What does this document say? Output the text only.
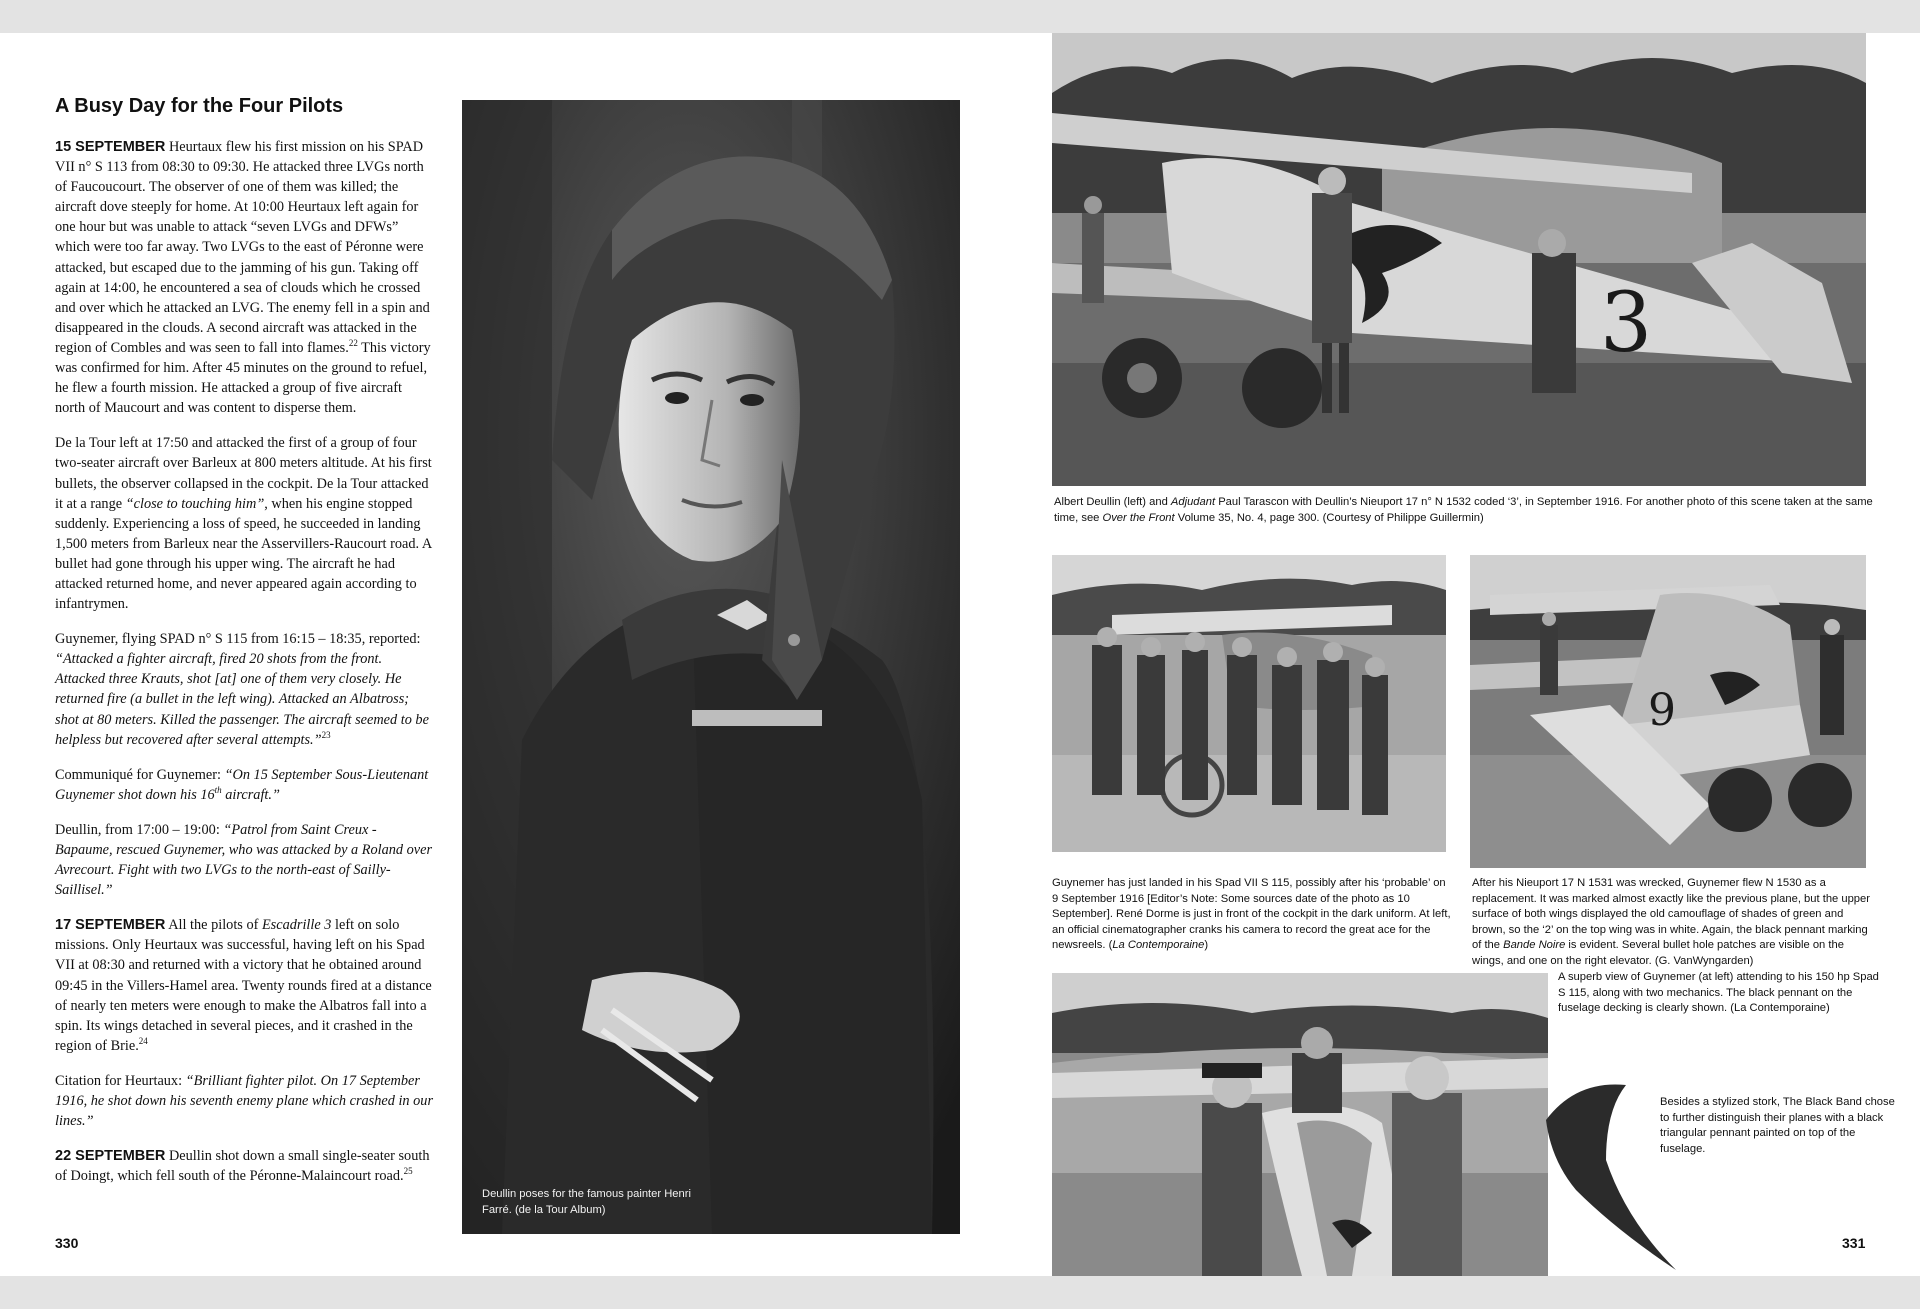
A Busy Day for the Four Pilots

15 SEPTEMBER Heurtaux flew his first mission on his SPAD VII n° S 113 from 08:30 to 09:30. He attacked three LVGs north of Faucoucourt. The observer of one of them was killed; the aircraft dove steeply for home. At 10:00 Heurtaux left again for one hour but was unable to attack “seven LVGs and DFWs” which were too far away. Two LVGs to the east of Péronne were attacked, but escaped due to the jamming of his gun. Taking off again at 14:00, he encountered a sea of clouds which he crossed and over which he attacked an LVG. The enemy fell in a spin and disappeared in the clouds. A second aircraft was attacked in the region of Combles and was seen to fall into flames.$^{22}$ This victory was confirmed for him. After 45 minutes on the ground to refuel, he flew a fourth mission. He attacked a group of five aircraft north of Maucourt and was content to disperse them.

De la Tour left at 17:50 and attacked the first of a group of four two-seater aircraft over Barleux at 800 meters altitude. At his first bullets, the observer collapsed in the cockpit. De la Tour attacked it at a range “close to touching him”, when his engine stopped suddenly. Experiencing a loss of speed, he succeeded in landing 1,500 meters from Barleux near the Asservillers-Raucourt road. A bullet had gone through his upper wing. The aircraft he had attacked returned home, and never appeared again according to infantrymen.

Guynemer, flying SPAD n° S 115 from 16:15 – 18:35, reported: “Attacked a fighter aircraft, fired 20 shots from the front. Attacked three Krauts, shot [at] one of them very closely. He returned fire (a bullet in the left wing). Attacked an Albatross; shot at 80 meters. Killed the passenger. The aircraft seemed to be helpless but recovered after several attempts.”$^{23}$

Communiqué for Guynemer: “On 15 September Sous-Lieutenant Guynemer shot down his 16th aircraft.”

Deullin, from 17:00 – 19:00: “Patrol from Saint Creux - Bapaume, rescued Guynemer, who was attacked by a Roland over Avrecourt. Fight with two LVGs to the north-east of Sailly-Saillisel.”

17 SEPTEMBER All the pilots of Escadrille 3 left on solo missions. Only Heurtaux was successful, having left on his Spad VII at 08:30 and returned with a victory that he obtained around 09:45 in the Villers-Hamel area. Twenty rounds fired at a distance of nearly ten meters were enough to make the Albatros fall into a spin. Its wings detached in several pieces, and it crashed in the region of Brie.$^{24}$

Citation for Heurtaux: “Brilliant fighter pilot. On 17 September 1916, he shot down his seventh enemy plane which crashed in our lines.”

22 SEPTEMBER Deullin shot down a small single-seater south of Doingt, which fell south of the Péronne-Malaincourt road.$^{25}$

Deullin poses for the famous painter Henri Farré. (de la Tour Album)
330
3
Albert Deullin (left) and Adjudant Paul Tarascon with Deullin’s Nieuport 17 n° N 1532 coded ‘3’, in September 1916. For another photo of this scene taken at the same time, see Over the Front Volume 35, No. 4, page 300. (Courtesy of Philippe Guillermin)
Guynemer has just landed in his Spad VII S 115, possibly after his ‘probable’ on 9 September 1916 [Editor’s Note: Some sources date of the photo as 10 September]. René Dorme is just in front of the cockpit in the dark uniform. At left, an official cinematographer cranks his camera to record the great ace for the newsreels. (La Contemporaine)
9
After his Nieuport 17 N 1531 was wrecked, Guynemer flew N 1530 as a replacement. It was marked almost exactly like the previous plane, but the upper surface of both wings displayed the old camouflage of shades of green and brown, so the ‘2’ on the top wing was in white. Again, the black pennant marking of the Bande Noire is evident. Several bullet hole patches are visible on the wings, and one on the right elevator. (G. VanWyngarden)
A superb view of Guynemer (at left) attending to his 150 hp Spad S 115, along with two mechanics. The black pennant on the fuselage decking is clearly shown. (La Contemporaine)
Besides a stylized stork, The Black Band chose to further distinguish their planes with a black triangular pennant painted on top of the fuselage.
331
